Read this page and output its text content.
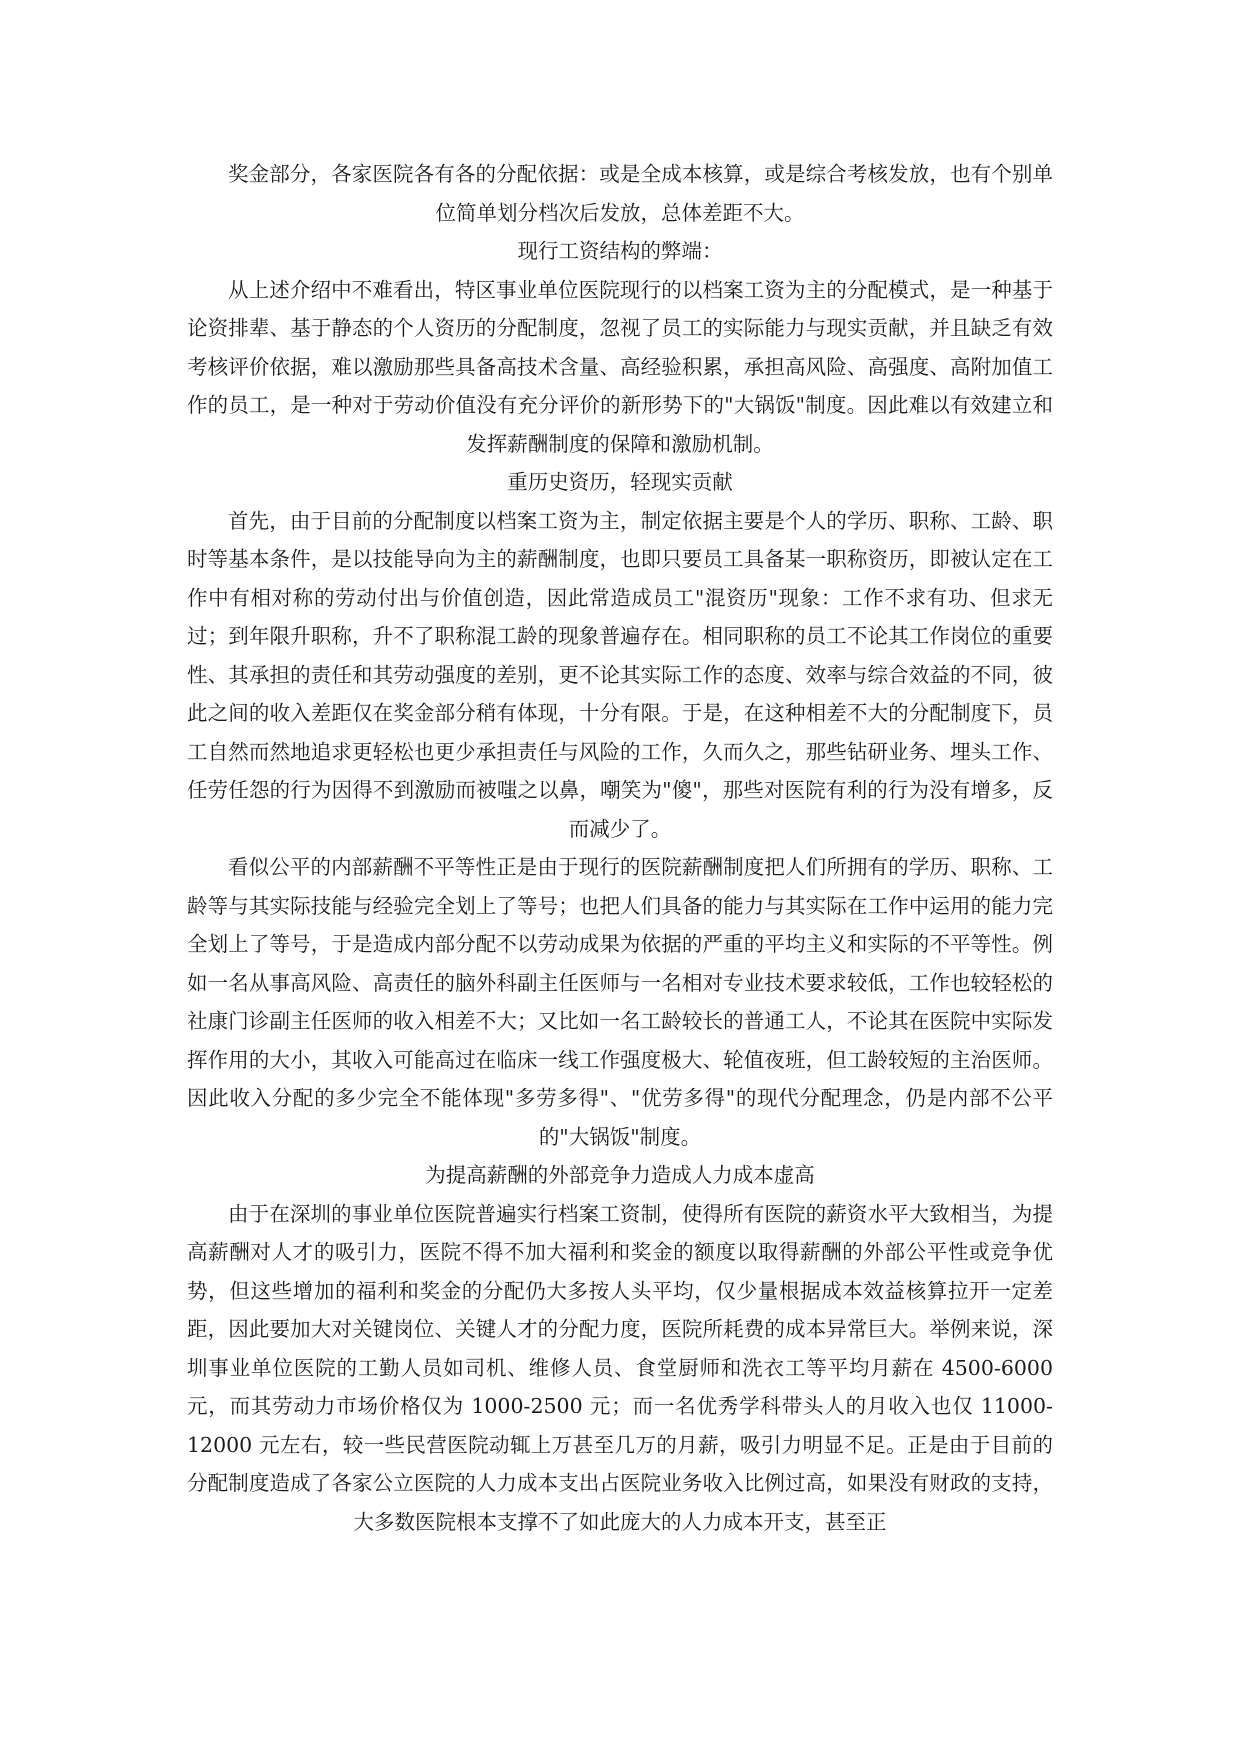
奖金部分，各家医院各有各的分配依据：或是全成本核算，或是综合考核发放，也有个别单位简单划分档次后发放，总体差距不大。

现行工资结构的弊端：

从上述介绍中不难看出，特区事业单位医院现行的以档案工资为主的分配模式，是一种基于论资排辈、基于静态的个人资历的分配制度，忽视了员工的实际能力与现实贡献，并且缺乏有效考核评价依据，难以激励那些具备高技术含量、高经验积累，承担高风险、高强度、高附加值工作的员工，是一种对于劳动价值没有充分评价的新形势下的"大锅饭"制度。因此难以有效建立和发挥薪酬制度的保障和激励机制。

重历史资历，轻现实贡献

首先，由于目前的分配制度以档案工资为主，制定依据主要是个人的学历、职称、工龄、职时等基本条件，是以技能导向为主的薪酬制度，也即只要员工具备某一职称资历，即被认定在工作中有相对称的劳动付出与价值创造，因此常造成员工"混资历"现象：工作不求有功、但求无过；到年限升职称，升不了职称混工龄的现象普遍存在。相同职称的员工不论其工作岗位的重要性、其承担的责任和其劳动强度的差别，更不论其实际工作的态度、效率与综合效益的不同，彼此之间的收入差距仅在奖金部分稍有体现，十分有限。于是，在这种相差不大的分配制度下，员工自然而然地追求更轻松也更少承担责任与风险的工作，久而久之，那些钻研业务、埋头工作、任劳任怨的行为因得不到激励而被嗤之以鼻，嘲笑为"傻"，那些对医院有利的行为没有增多，反而减少了。

看似公平的内部薪酬不平等性正是由于现行的医院薪酬制度把人们所拥有的学历、职称、工龄等与其实际技能与经验完全划上了等号；也把人们具备的能力与其实际在工作中运用的能力完全划上了等号，于是造成内部分配不以劳动成果为依据的严重的平均主义和实际的不平等性。例如一名从事高风险、高责任的脑外科副主任医师与一名相对专业技术要求较低，工作也较轻松的社康门诊副主任医师的收入相差不大；又比如一名工龄较长的普通工人，不论其在医院中实际发挥作用的大小，其收入可能高过在临床一线工作强度极大、轮值夜班，但工龄较短的主治医师。因此收入分配的多少完全不能体现"多劳多得"、"优劳多得"的现代分配理念，仍是内部不公平的"大锅饭"制度。

为提高薪酬的外部竞争力造成人力成本虚高

由于在深圳的事业单位医院普遍实行档案工资制，使得所有医院的薪资水平大致相当，为提高薪酬对人才的吸引力，医院不得不加大福利和奖金的额度以取得薪酬的外部公平性或竞争优势，但这些增加的福利和奖金的分配仍大多按人头平均，仅少量根据成本效益核算拉开一定差距，因此要加大对关键岗位、关键人才的分配力度，医院所耗费的成本异常巨大。举例来说，深圳事业单位医院的工勤人员如司机、维修人员、食堂厨师和洗衣工等平均月薪在 4500-6000 元，而其劳动力市场价格仅为 1000-2500 元；而一名优秀学科带头人的月收入也仅 11000-12000 元左右，较一些民营医院动辄上万甚至几万的月薪，吸引力明显不足。正是由于目前的分配制度造成了各家公立医院的人力成本支出占医院业务收入比例过高，如果没有财政的支持，大多数医院根本支撑不了如此庞大的人力成本开支，甚至正
